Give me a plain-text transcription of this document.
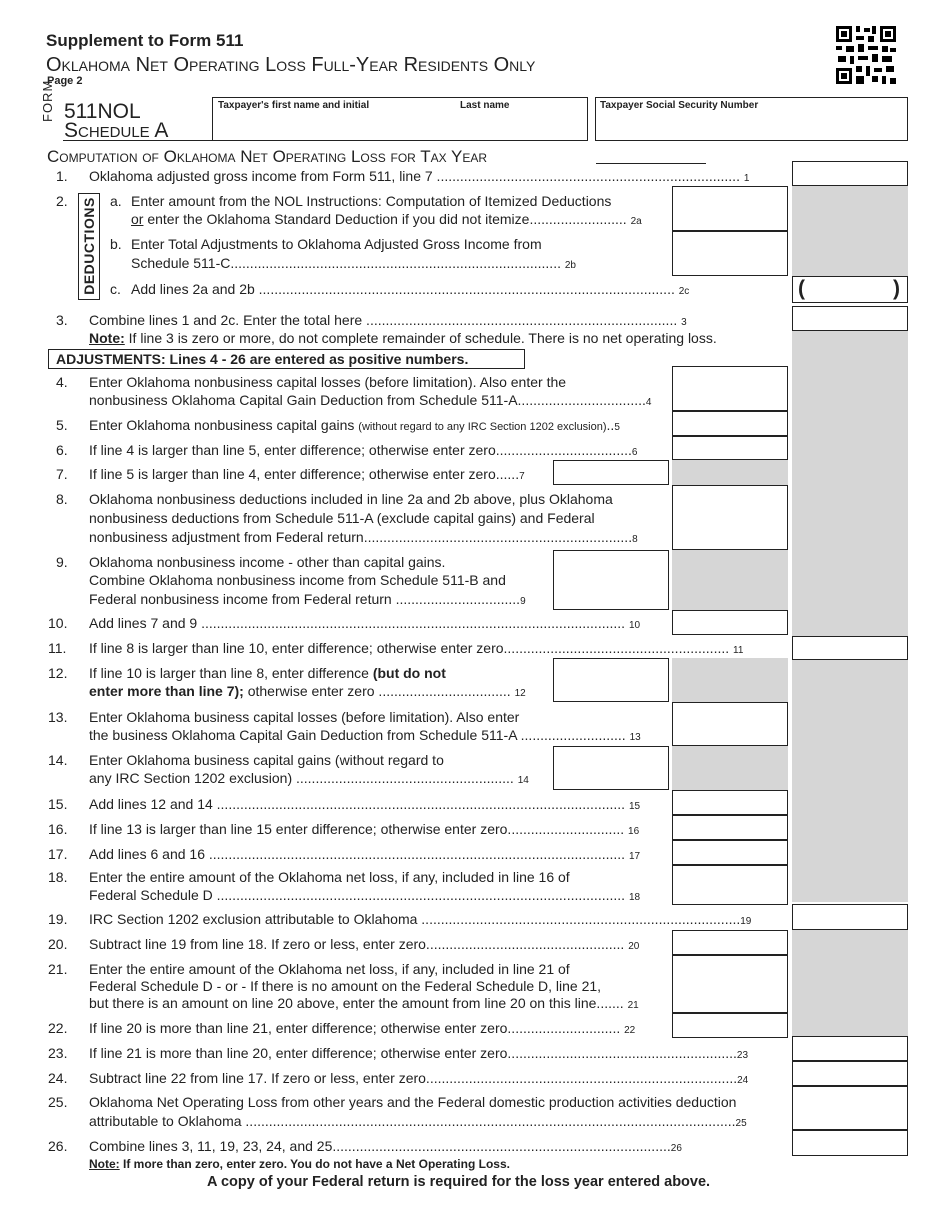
Supplement to Form 511
Oklahoma Net Operating Loss Full-Year Residents Only
Page 2
FORM 511NOL
Schedule A
Taxpayer's first name and initial	Last name	Taxpayer Social Security Number
Computation of Oklahoma Net Operating Loss for Tax Year
(	)
1. Oklahoma adjusted gross income from Form 511, line 7 .............................................................................. 1
2. DEDUCTIONS a. Enter amount from the NOL Instructions: Computation of Itemized Deductions
or enter the Oklahoma Standard Deduction if you did not itemize......................... 2a
b. Enter Total Adjustments to Oklahoma Adjusted Gross Income from
Schedule 511-C..................................................................................... 2b
c. Add lines 2a and 2b ........................................................................................................... 2c
3. Combine lines 1 and 2c. Enter the total here ................................................................................ 3
Note: If line 3 is zero or more, do not complete remainder of schedule. There is no net operating loss.
ADJUSTMENTS: Lines 4 - 26 are entered as positive numbers.
4. Enter Oklahoma nonbusiness capital losses (before limitation). Also enter the
nonbusiness Oklahoma Capital Gain Deduction from Schedule 511-A.................................4
5. Enter Oklahoma nonbusiness capital gains (without regard to any IRC Section 1202 exclusion)..5
6. If line 4 is larger than line 5, enter difference; otherwise enter zero...................................6
7. If line 5 is larger than line 4, enter difference; otherwise enter zero......7
8. Oklahoma nonbusiness deductions included in line 2a and 2b above, plus Oklahoma
nonbusiness deductions from Schedule 511-A (exclude capital gains) and Federal
nonbusiness adjustment from Federal return.....................................................................8
9. Oklahoma nonbusiness income - other than capital gains.
Combine Oklahoma nonbusiness income from Schedule 511-B and
Federal nonbusiness income from Federal return ................................9
10. Add lines 7 and 9 ............................................................................................................. 10
11. If line 8 is larger than line 10, enter difference; otherwise enter zero.......................................................... 11
12. If line 10 is larger than line 8, enter difference (but do not
enter more than line 7); otherwise enter zero .................................. 12
13. Enter Oklahoma business capital losses (before limitation). Also enter
the business Oklahoma Capital Gain Deduction from Schedule 511-A ........................... 13
14. Enter Oklahoma business capital gains (without regard to
any IRC Section 1202 exclusion) ........................................................ 14
15. Add lines 12 and 14 ......................................................................................................... 15
16. If line 13 is larger than line 15 enter difference; otherwise enter zero.............................. 16
17. Add lines 6 and 16 ........................................................................................................... 17
18. Enter the entire amount of the Oklahoma net loss, if any, included in line 16 of
Federal Schedule D ......................................................................................................... 18
19. IRC Section 1202 exclusion attributable to Oklahoma ..................................................................................19
20. Subtract line 19 from line 18. If zero or less, enter zero................................................... 20
21. Enter the entire amount of the Oklahoma net loss, if any, included in line 21 of
Federal Schedule D - or - If there is no amount on the Federal Schedule D, line 21,
but there is an amount on line 20 above, enter the amount from line 20 on this line....... 21
22. If line 20 is more than line 21, enter difference; otherwise enter zero............................. 22
23. If line 21 is more than line 20, enter difference; otherwise enter zero...........................................................23
24. Subtract line 22 from line 17. If zero or less, enter zero................................................................................24
25. Oklahoma Net Operating Loss from other years and the Federal domestic production activities deduction
attributable to Oklahoma ..............................................................................................................................25
26. Combine lines 3, 11, 19, 23, 24, and 25.......................................................................................26
Note: If more than zero, enter zero. You do not have a Net Operating Loss.
A copy of your Federal return is required for the loss year entered above.
